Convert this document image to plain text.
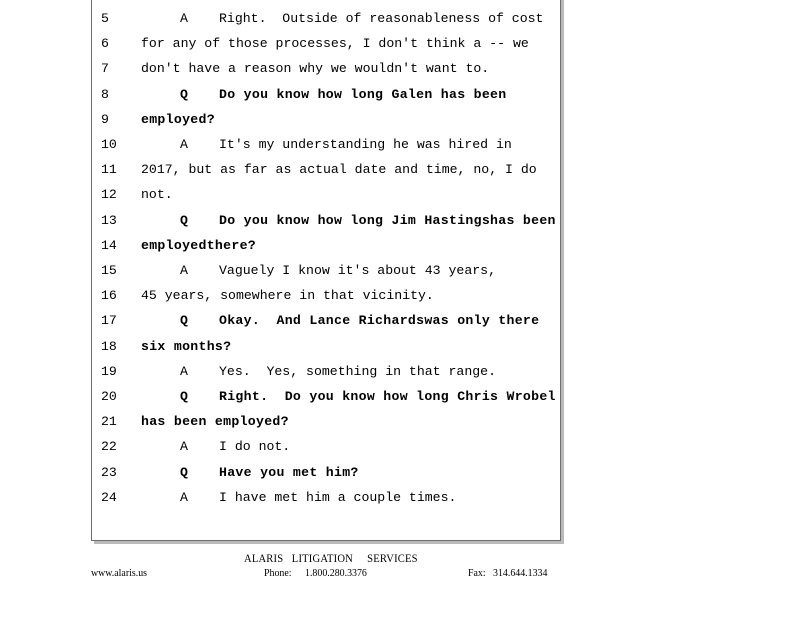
5	A Right.  Outside of reasonableness of cost
6	for any of those processes, I don't think a -- we
7	don't have a reason why we wouldn't want to.
8	Q Do you know how long Galen has been
9	employed?
10	A It's my understanding he was hired in
11	2017, but as far as actual date and time, no, I do
12	not.
13	Q Do you know how long Jim Hastingshas been
14	employedthere?
15	A Vaguely I know it's about 43 years,
16	45 years, somewhere in that vicinity.
17	Q Okay.  And Lance Richardswas only there
18	six months?
19	A Yes.  Yes, something in that range.
20	Q Right.  Do you know how long Chris Wrobel
21	has been employed?
22	A I do not.
23	Q Have you met him?
24	A I have met him a couple times.
ALARIS   LITIGATION     SERVICES
www.alaris.us	Phone: 1.800.280.3376	Fax: 314.644.1334
